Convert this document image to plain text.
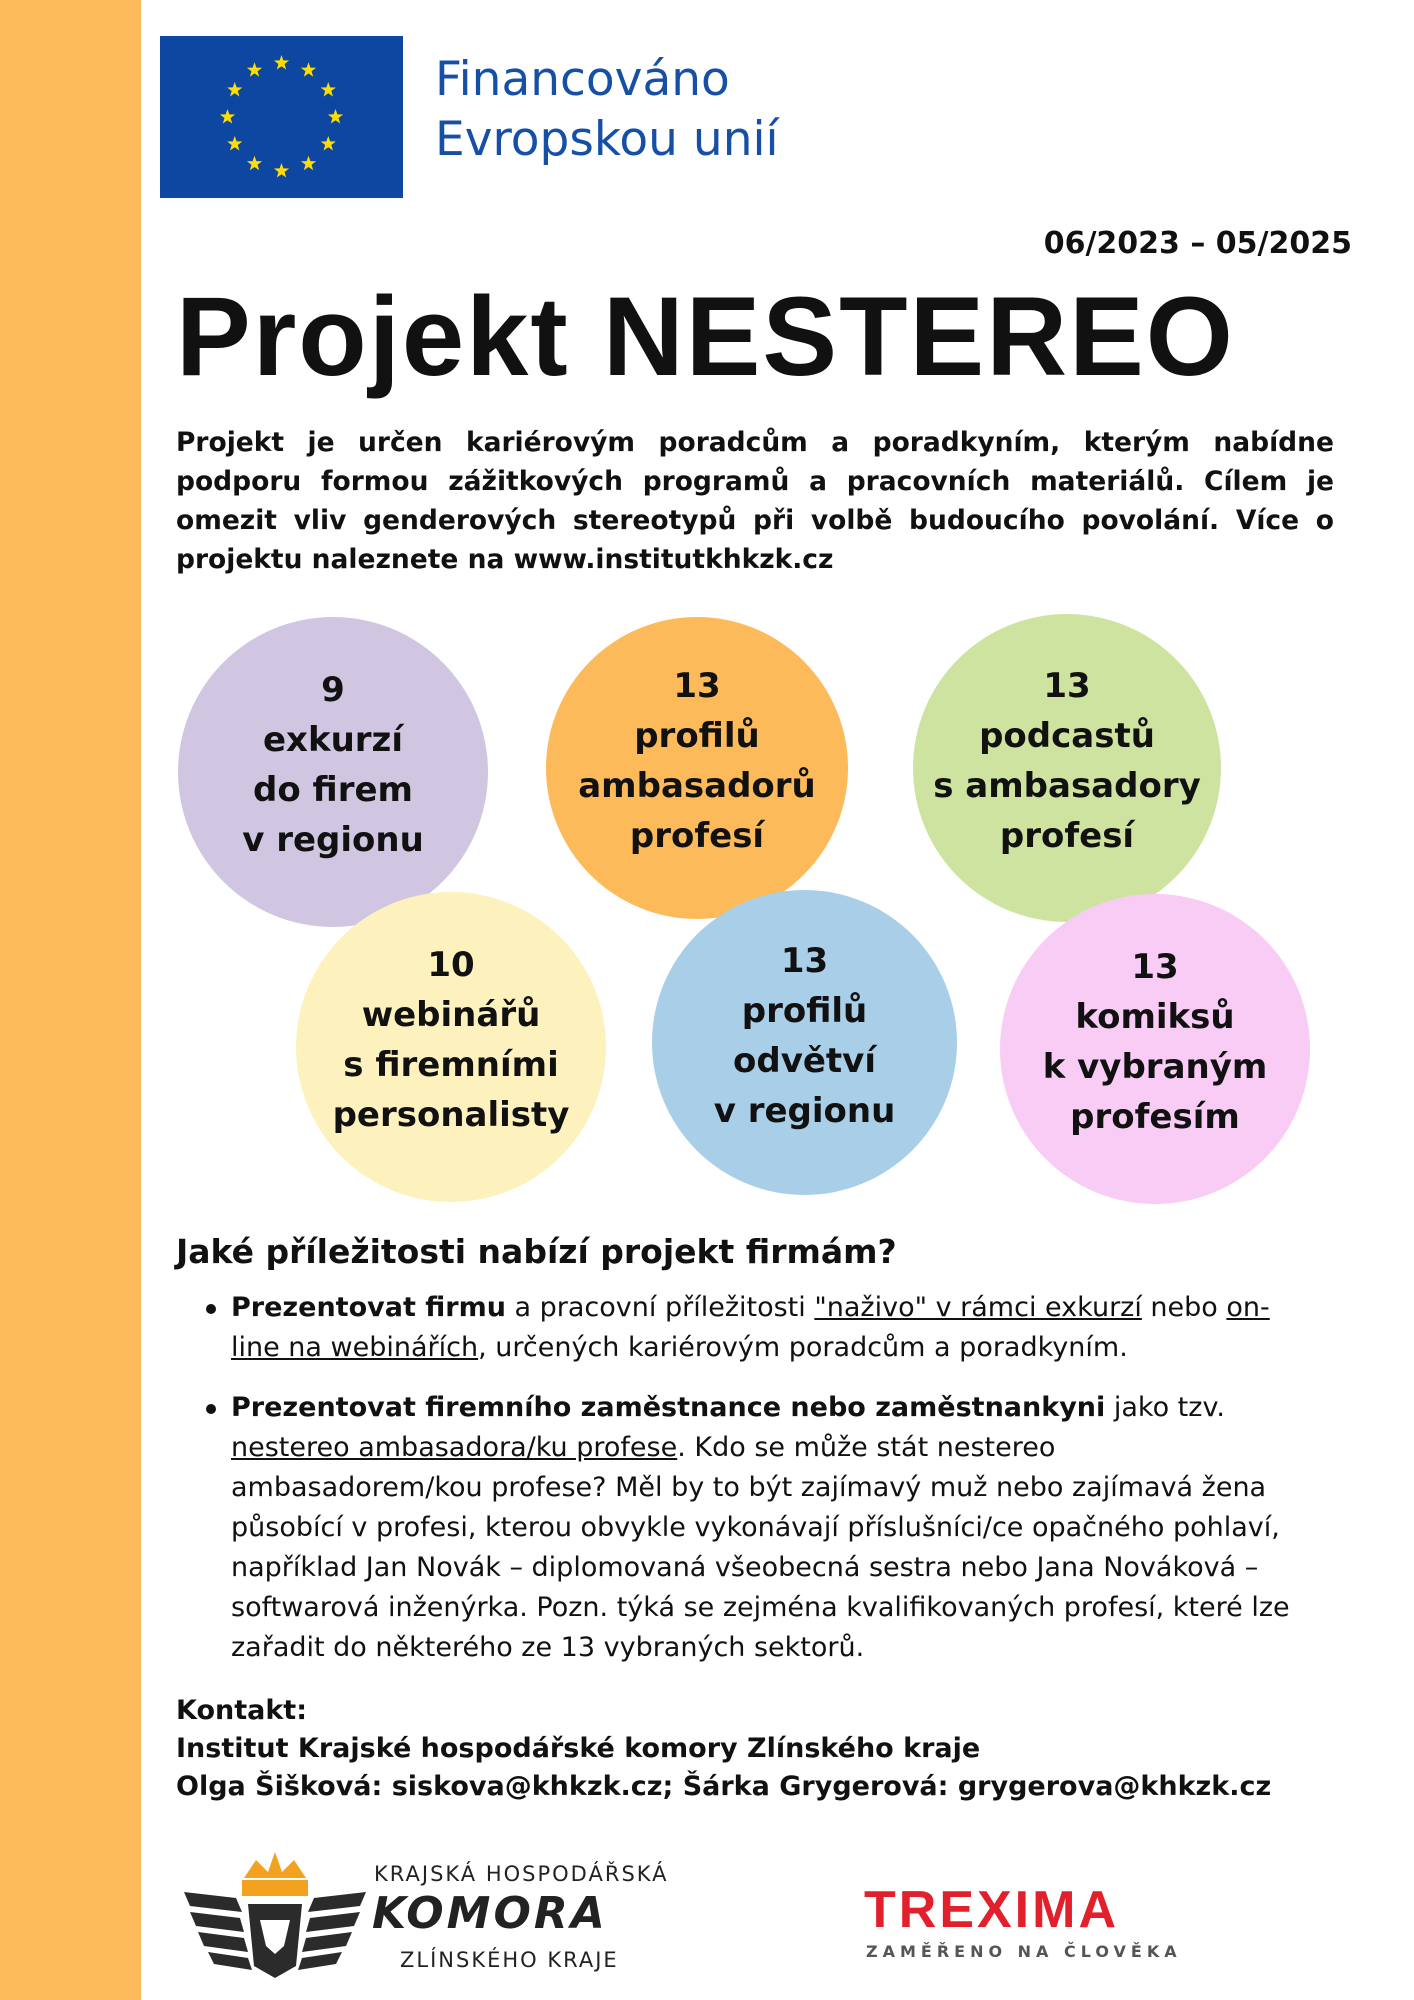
Financováno
Evropskou unií
06/2023 – 05/2025
Projekt NESTEREO
Projekt je určen kariérovým poradcům a poradkyním, kterým nabídne podporu formou zážitkových programů a pracovních materiálů. Cílem je omezit vliv genderových stereotypů při volbě budoucího povolání. Více o projektu naleznete na www.institutkhkzk.cz
9
exkurzí
do firem
v regionu
13
profilů
ambasadorů
profesí
13
podcastů
s ambasadory
profesí
10
webinářů
s firemními
personalisty
13
profilů
odvětví
v regionu
13
komiksů
k vybraným
profesím
Jaké příležitosti nabízí projekt firmám?
Prezentovat firmu a pracovní příležitosti "naživo" v rámci exkurzí nebo on-line na webinářích, určených kariérovým poradcům a poradkyním.
Prezentovat firemního zaměstnance nebo zaměstnankyni jako tzv. nestereo ambasadora/ku profese. Kdo se může stát nestereo ambasadorem/kou profese? Měl by to být zajímavý muž nebo zajímavá žena působící v profesi, kterou obvykle vykonávají příslušníci/ce opačného pohlaví, například Jan Novák – diplomovaná všeobecná sestra nebo Jana Nováková – softwarová inženýrka. Pozn. týká se zejména kvalifikovaných profesí, které lze zařadit do některého ze 13 vybraných sektorů.
Kontakt:
Institut Krajské hospodářské komory Zlínského kraje
Olga Šišková: siskova@khkzk.cz; Šárka Grygerová: grygerova@khkzk.cz
KRAJSKÁ HOSPODÁŘSKÁ
KOMORA
ZLÍNSKÉHO KRAJE
TREXIMA
ZAMĚŘENO NA ČLOVĚKA
